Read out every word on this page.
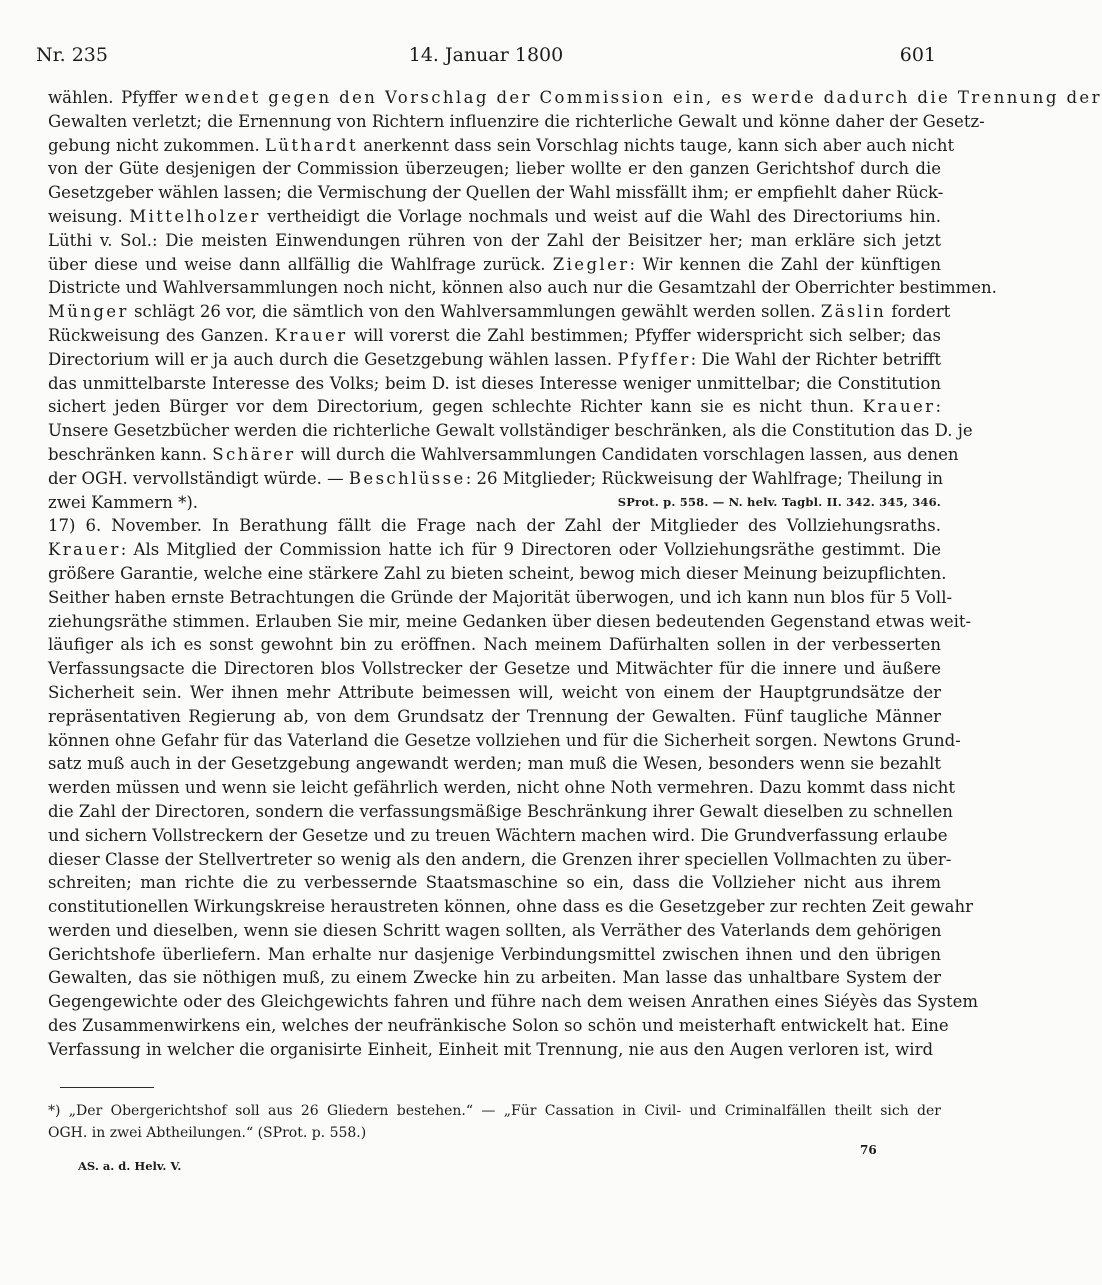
Nr. 235	14. Januar 1800	601
wählen. Pfyffer wendet gegen den Vorschlag der Commission ein, es werde dadurch die Trennung der
Gewalten verletzt; die Ernennung von Richtern influenzire die richterliche Gewalt und könne daher der Gesetz-
gebung nicht zukommen. Lüthardt anerkennt dass sein Vorschlag nichts tauge, kann sich aber auch nicht
von der Güte desjenigen der Commission überzeugen; lieber wollte er den ganzen Gerichtshof durch die
Gesetzgeber wählen lassen; die Vermischung der Quellen der Wahl missfällt ihm; er empfiehlt daher Rück-
weisung. Mittelholzer vertheidigt die Vorlage nochmals und weist auf die Wahl des Directoriums hin.
Lüthi v. Sol.: Die meisten Einwendungen rühren von der Zahl der Beisitzer her; man erkläre sich jetzt
über diese und weise dann allfällig die Wahlfrage zurück. Ziegler: Wir kennen die Zahl der künftigen
Districte und Wahlversammlungen noch nicht, können also auch nur die Gesamtzahl der Oberrichter bestimmen.
Münger schlägt 26 vor, die sämtlich von den Wahlversammlungen gewählt werden sollen. Zäslin fordert
Rückweisung des Ganzen. Krauer will vorerst die Zahl bestimmen; Pfyffer widerspricht sich selber; das
Directorium will er ja auch durch die Gesetzgebung wählen lassen. Pfyffer: Die Wahl der Richter betrifft
das unmittelbarste Interesse des Volks; beim D. ist dieses Interesse weniger unmittelbar; die Constitution
sichert jeden Bürger vor dem Directorium, gegen schlechte Richter kann sie es nicht thun. Krauer:
Unsere Gesetzbücher werden die richterliche Gewalt vollständiger beschränken, als die Constitution das D. je
beschränken kann. Schärer will durch die Wahlversammlungen Candidaten vorschlagen lassen, aus denen
der OGH. vervollständigt würde. — Beschlüsse: 26 Mitglieder; Rückweisung der Wahlfrage; Theilung in
zwei Kammern *).	SProt. p. 558. — N. helv. Tagbl. II. 342. 345, 346.
17) 6. November. In Berathung fällt die Frage nach der Zahl der Mitglieder des Vollziehungsraths.
Krauer: Als Mitglied der Commission hatte ich für 9 Directoren oder Vollziehungsräthe gestimmt. Die
größere Garantie, welche eine stärkere Zahl zu bieten scheint, bewog mich dieser Meinung beizupflichten.
Seither haben ernste Betrachtungen die Gründe der Majorität überwogen, und ich kann nun blos für 5 Voll-
ziehungsräthe stimmen. Erlauben Sie mir, meine Gedanken über diesen bedeutenden Gegenstand etwas weit-
läufiger als ich es sonst gewohnt bin zu eröffnen. Nach meinem Dafürhalten sollen in der verbesserten
Verfassungsacte die Directoren blos Vollstrecker der Gesetze und Mitwächter für die innere und äußere
Sicherheit sein. Wer ihnen mehr Attribute beimessen will, weicht von einem der Hauptgrundsätze der
repräsentativen Regierung ab, von dem Grundsatz der Trennung der Gewalten. Fünf taugliche Männer
können ohne Gefahr für das Vaterland die Gesetze vollziehen und für die Sicherheit sorgen. Newtons Grund-
satz muß auch in der Gesetzgebung angewandt werden; man muß die Wesen, besonders wenn sie bezahlt
werden müssen und wenn sie leicht gefährlich werden, nicht ohne Noth vermehren. Dazu kommt dass nicht
die Zahl der Directoren, sondern die verfassungsmäßige Beschränkung ihrer Gewalt dieselben zu schnellen
und sichern Vollstreckern der Gesetze und zu treuen Wächtern machen wird. Die Grundverfassung erlaube
dieser Classe der Stellvertreter so wenig als den andern, die Grenzen ihrer speciellen Vollmachten zu über-
schreiten; man richte die zu verbessernde Staatsmaschine so ein, dass die Vollzieher nicht aus ihrem
constitutionellen Wirkungskreise heraustreten können, ohne dass es die Gesetzgeber zur rechten Zeit gewahr
werden und dieselben, wenn sie diesen Schritt wagen sollten, als Verräther des Vaterlands dem gehörigen
Gerichtshofe überliefern. Man erhalte nur dasjenige Verbindungsmittel zwischen ihnen und den übrigen
Gewalten, das sie nöthigen muß, zu einem Zwecke hin zu arbeiten. Man lasse das unhaltbare System der
Gegengewichte oder des Gleichgewichts fahren und führe nach dem weisen Anrathen eines Siéyès das System
des Zusammenwirkens ein, welches der neufränkische Solon so schön und meisterhaft entwickelt hat. Eine
Verfassung in welcher die organisirte Einheit, Einheit mit Trennung, nie aus den Augen verloren ist, wird
*) „Der Obergerichtshof soll aus 26 Gliedern bestehen.“ — „Für Cassation in Civil- und Criminalfällen theilt sich der
OGH. in zwei Abtheilungen.“ (SProt. p. 558.)
AS. a. d. Helv. V.
76
